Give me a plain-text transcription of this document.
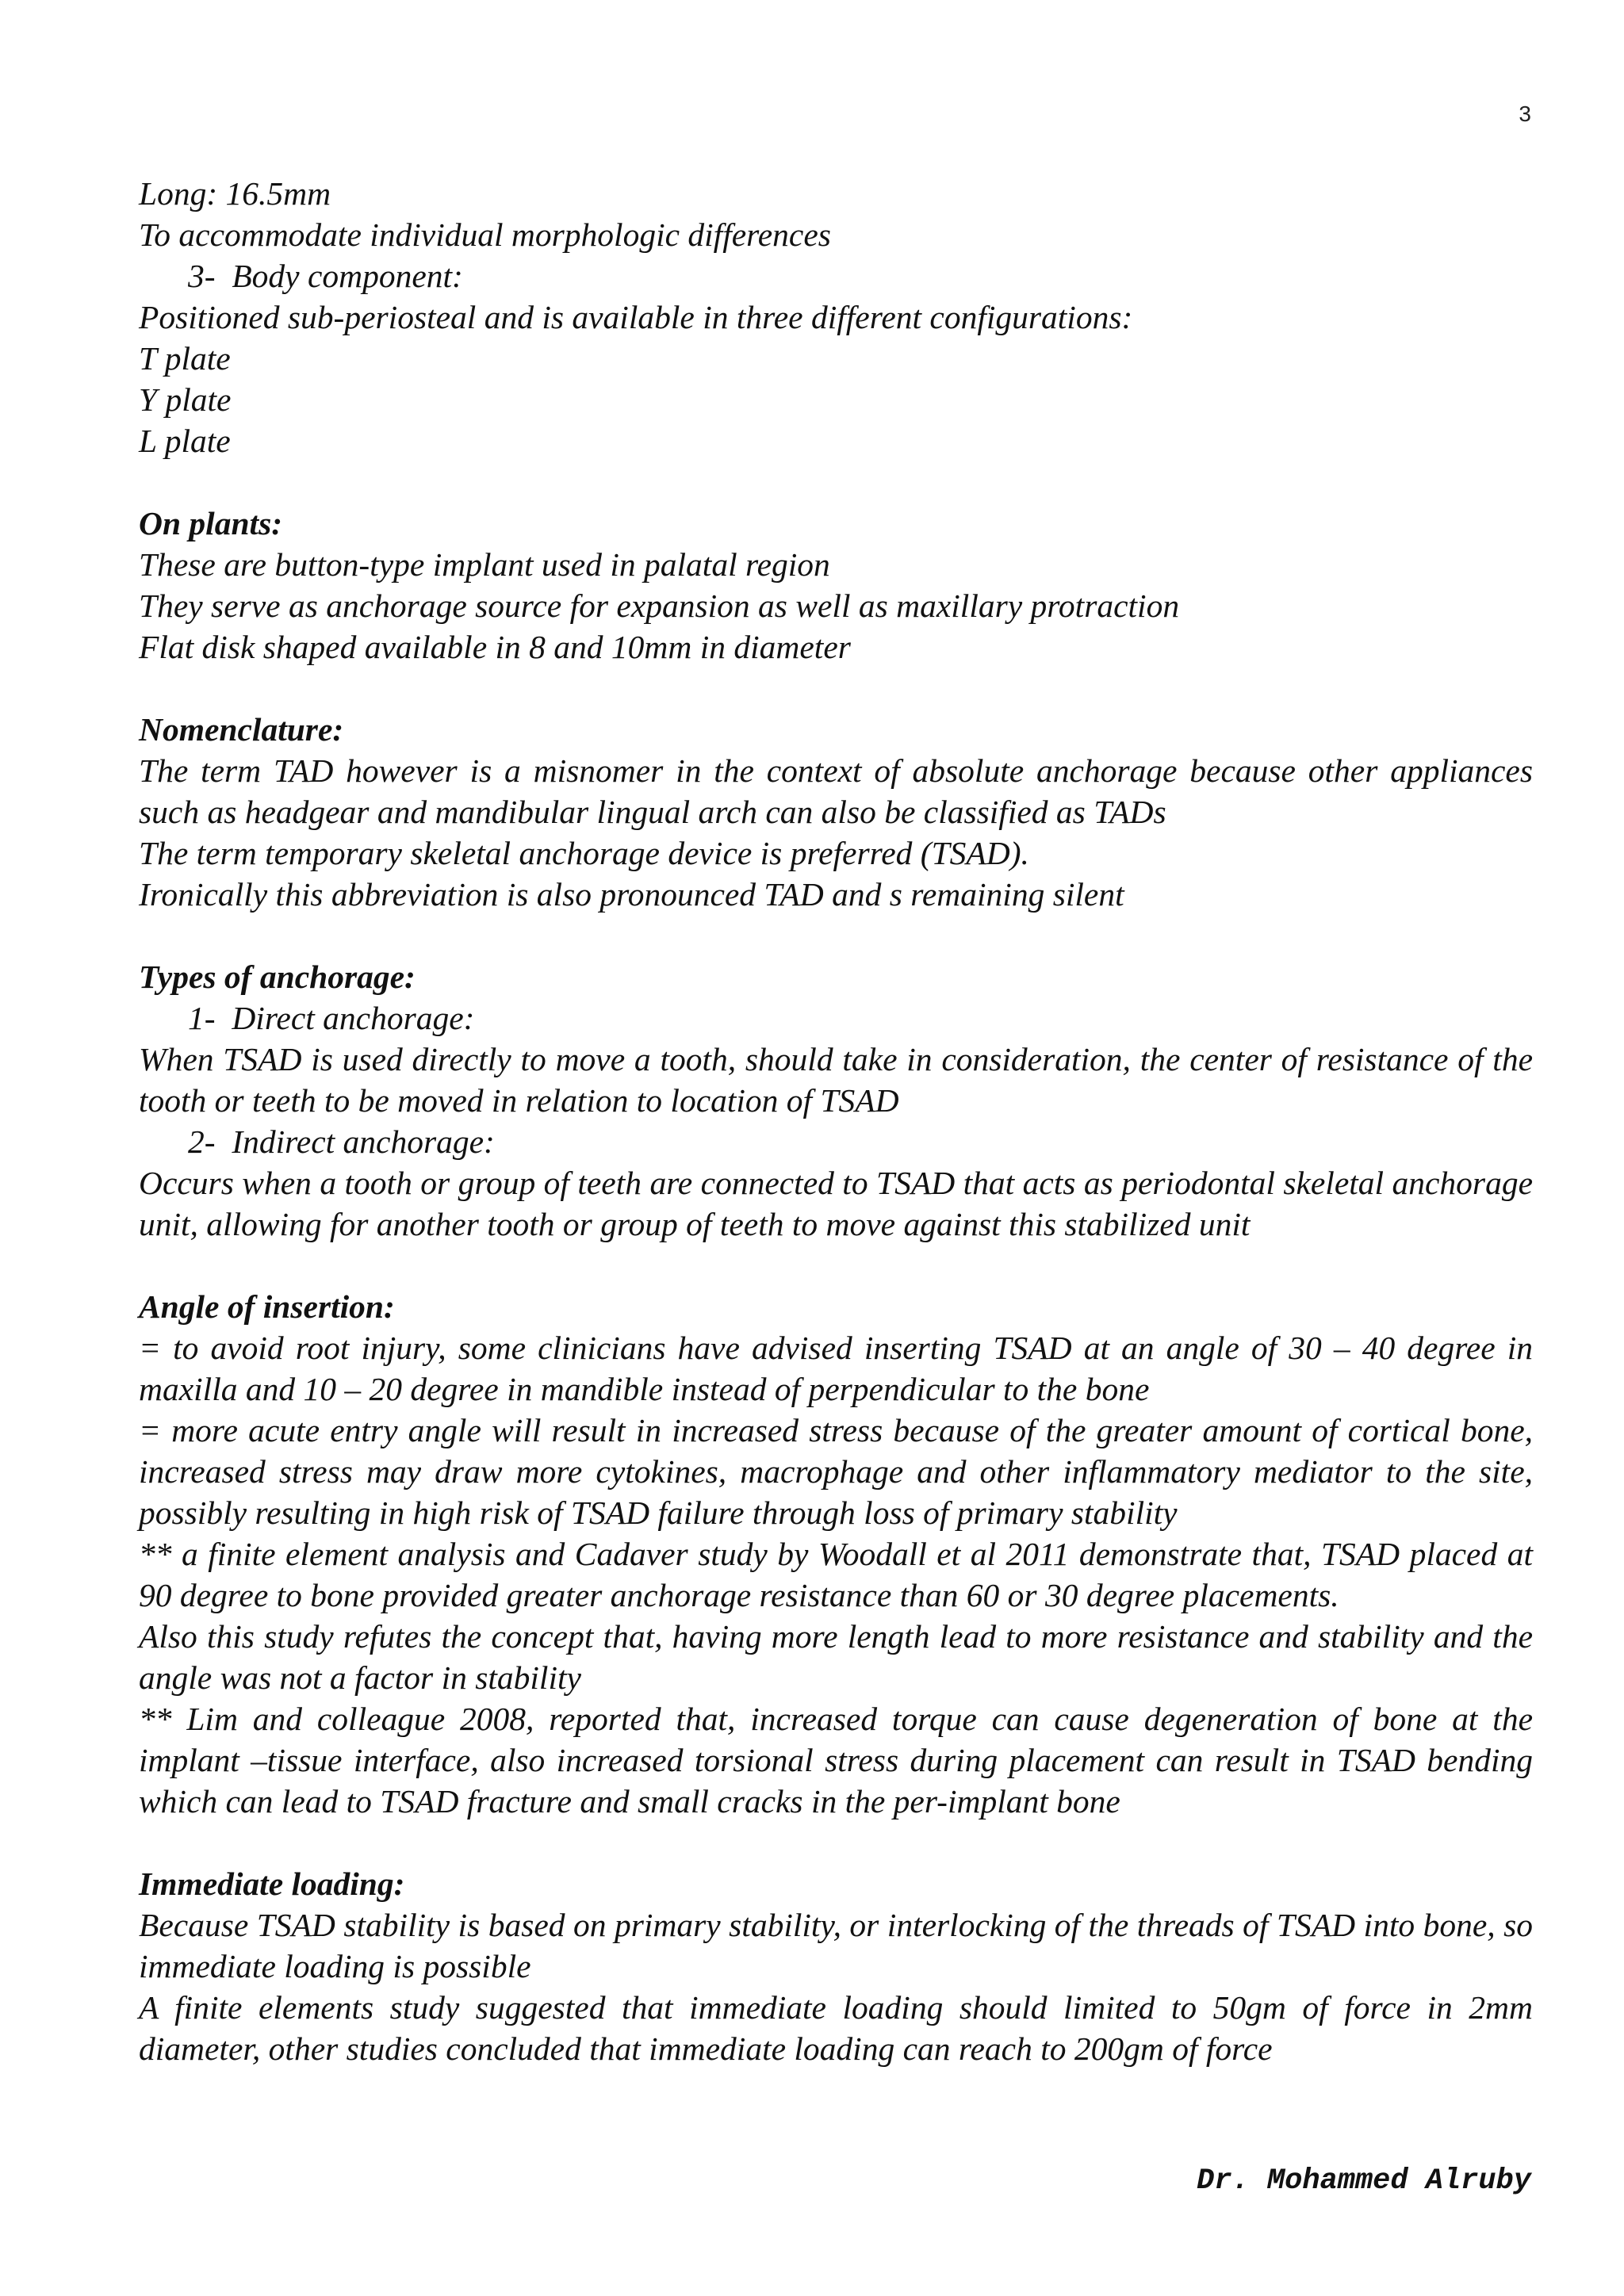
3
Long: 16.5mm
To accommodate individual morphologic differences
3-  Body component:
Positioned sub-periosteal and is available in three different configurations:
T plate
Y plate
L plate
On plants:
These are button-type implant used in palatal region
They serve as anchorage source for expansion as well as maxillary protraction
Flat disk shaped available in 8 and 10mm in diameter
Nomenclature:
The term TAD however is a misnomer in the context of absolute anchorage because other appliances such as headgear and mandibular lingual arch can also be classified as TADs
The term temporary skeletal anchorage device is preferred (TSAD).
Ironically this abbreviation is also pronounced TAD and s remaining silent
Types of anchorage:
1-  Direct anchorage:
When TSAD is used directly to move a tooth, should take in consideration, the center of resistance of the tooth or teeth to be moved in relation to location of TSAD
2-  Indirect anchorage:
Occurs when a tooth or group of teeth are connected to TSAD that acts as periodontal skeletal anchorage unit, allowing for another tooth or group of teeth to move against this stabilized unit
Angle of insertion:
= to avoid root injury, some clinicians have advised inserting TSAD at an angle of 30 – 40 degree in maxilla and 10 – 20 degree in mandible instead of perpendicular to the bone
= more acute entry angle will result in increased stress because of the greater amount of cortical bone, increased stress may draw more cytokines, macrophage and other inflammatory mediator to the site, possibly resulting in high risk of TSAD failure through loss of primary stability
** a finite element analysis and Cadaver study by Woodall et al 2011 demonstrate that, TSAD placed at 90 degree to bone provided greater anchorage resistance than 60 or 30 degree placements.
Also this study refutes the concept that, having more length lead to more resistance and stability and the angle was not a factor in stability
** Lim and colleague 2008, reported that, increased torque can cause degeneration of bone at the implant –tissue interface, also increased torsional stress during placement can result in TSAD bending which can lead to TSAD fracture and small cracks in the per-implant bone
Immediate loading:
Because TSAD stability is based on primary stability, or interlocking of the threads of TSAD into bone, so immediate loading is possible
A finite elements study suggested that immediate loading should limited to 50gm of force in 2mm diameter, other studies concluded that immediate loading can reach to 200gm of force
Dr. Mohammed Alruby
